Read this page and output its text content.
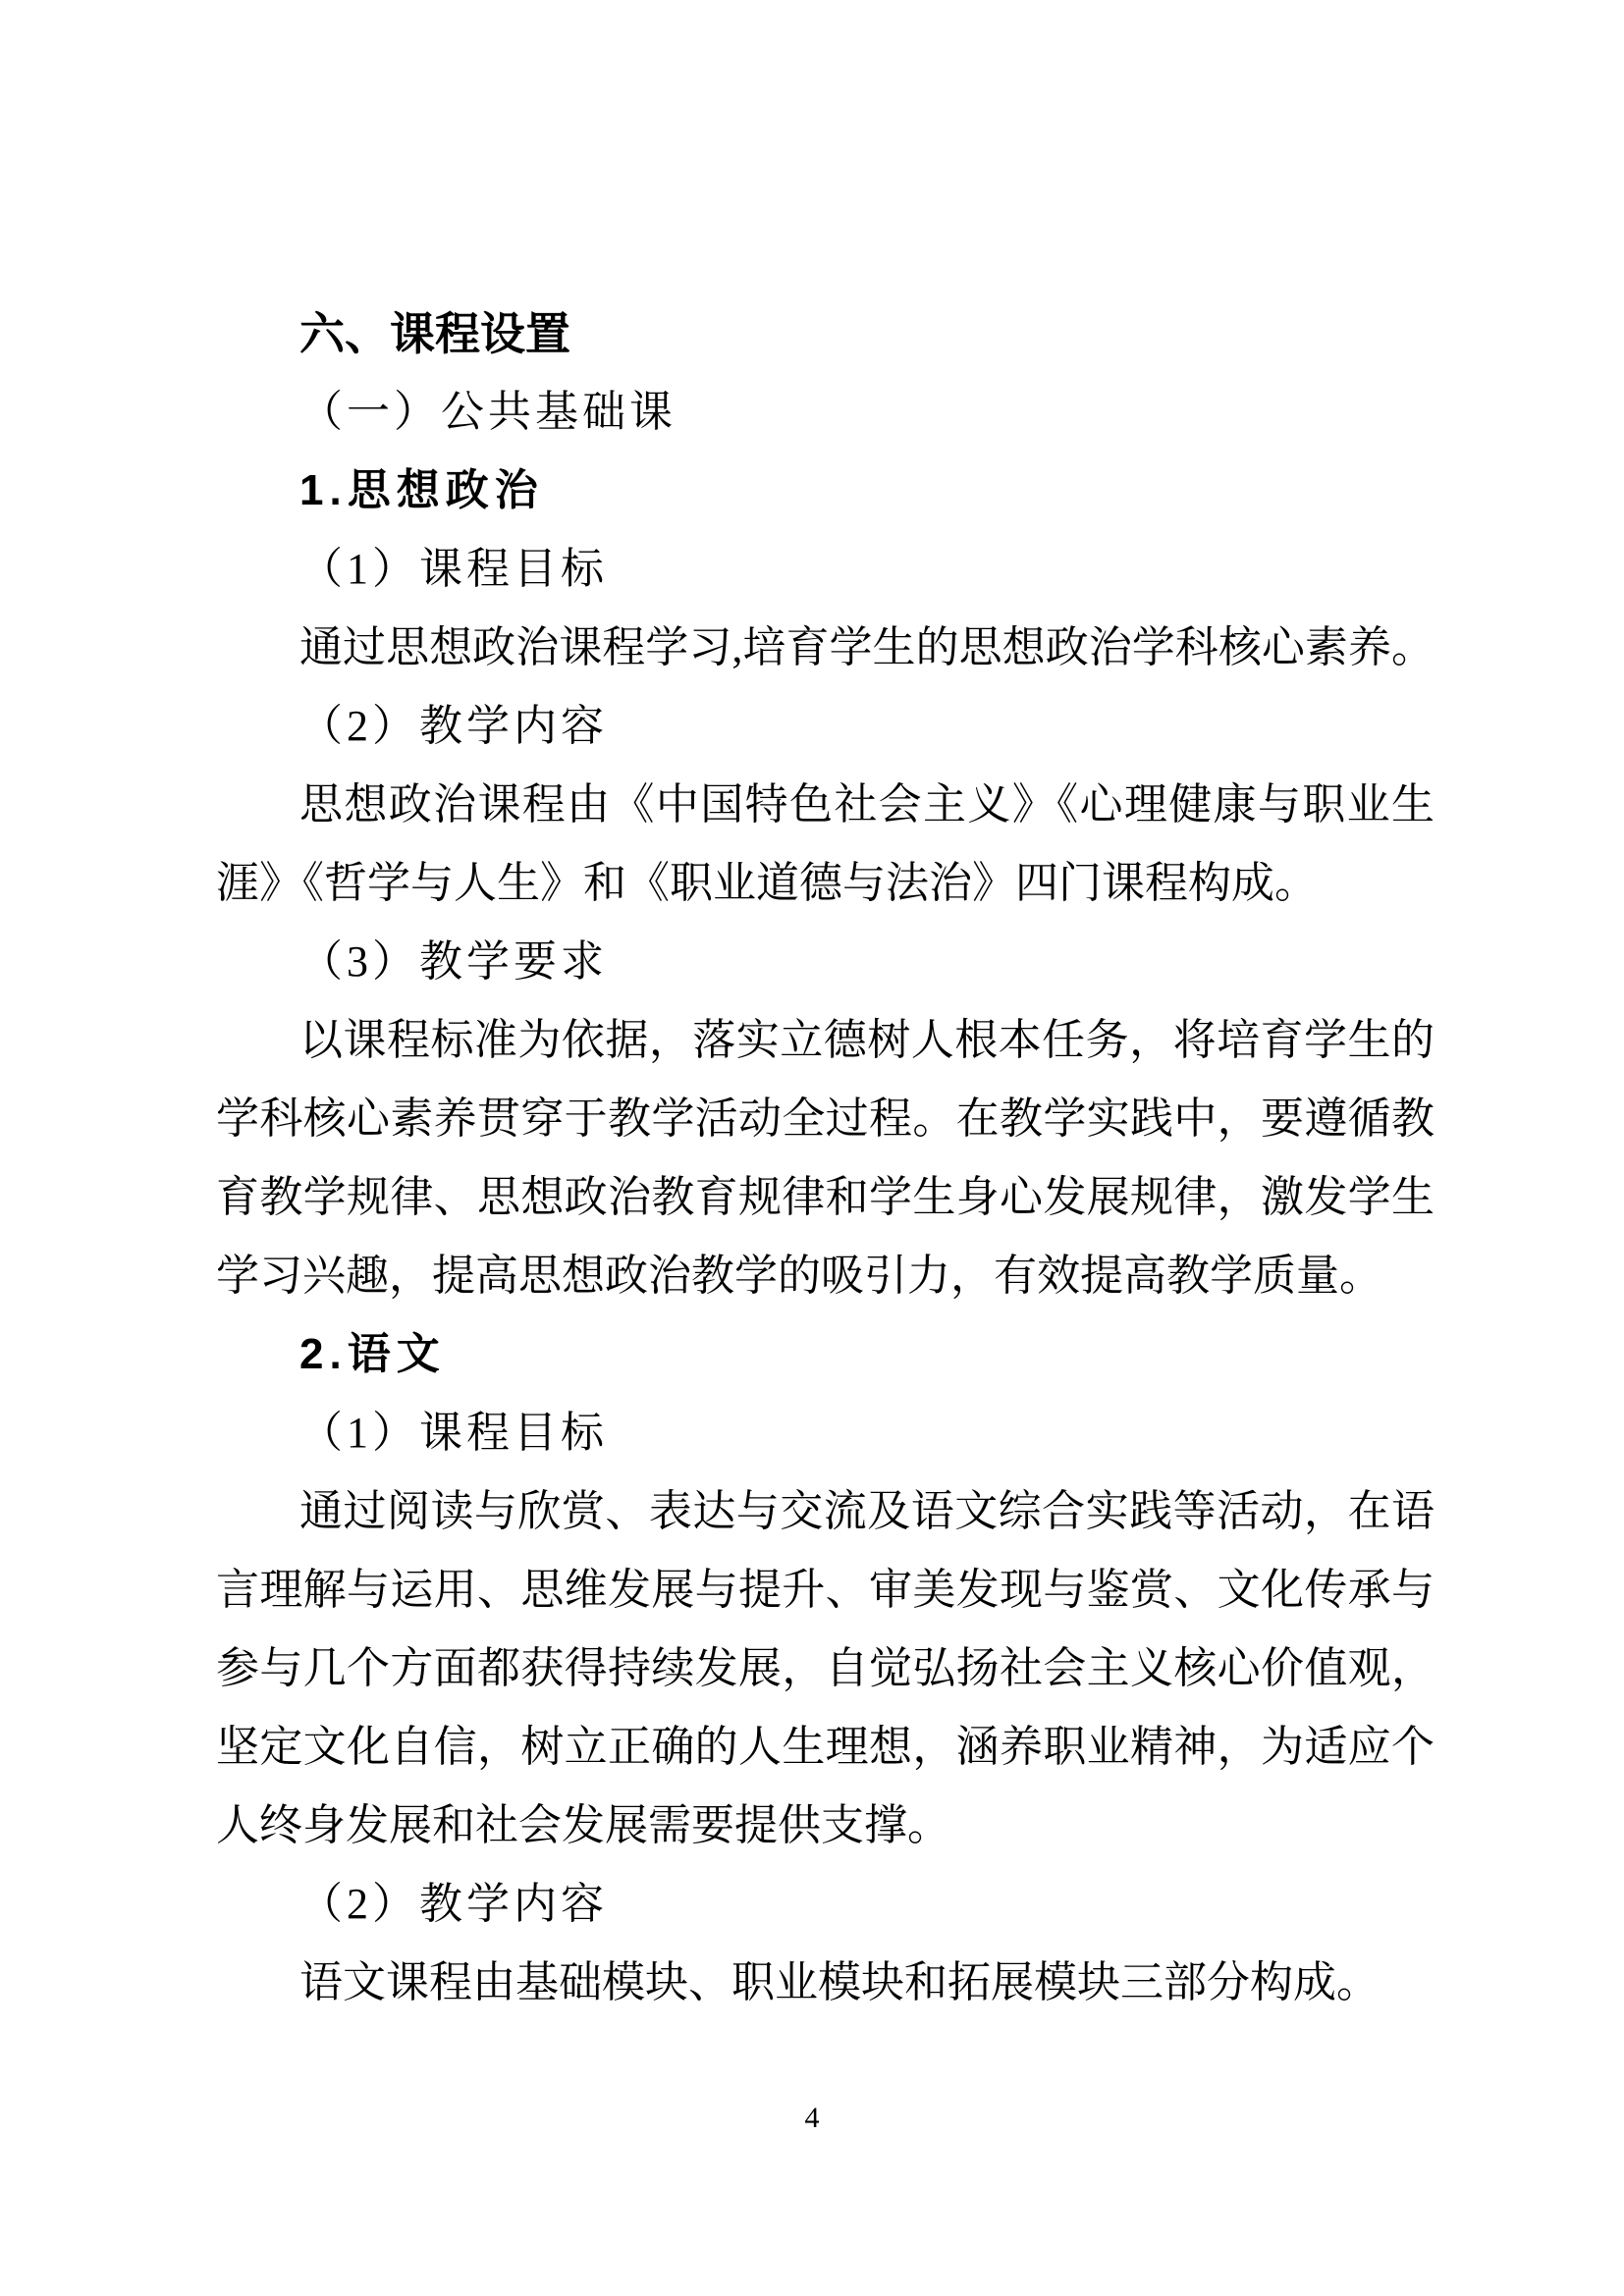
六、课程设置
（一）公共基础课
1.思想政治
（1）课程目标
通过思想政治课程学习,培育学生的思想政治学科核心素养。
（2）教学内容
思想政治课程由《中国特色社会主义》《心理健康与职业生
涯》《哲学与人生》和《职业道德与法治》四门课程构成。
（3）教学要求
以课程标准为依据，落实立德树人根本任务，将培育学生的
学科核心素养贯穿于教学活动全过程。在教学实践中，要遵循教
育教学规律、思想政治教育规律和学生身心发展规律，激发学生
学习兴趣，提高思想政治教学的吸引力，有效提高教学质量。
2.语文
（1）课程目标
通过阅读与欣赏、表达与交流及语文综合实践等活动，在语
言理解与运用、思维发展与提升、审美发现与鉴赏、文化传承与
参与几个方面都获得持续发展，自觉弘扬社会主义核心价值观，
坚定文化自信，树立正确的人生理想，涵养职业精神，为适应个
人终身发展和社会发展需要提供支撑。
（2）教学内容
语文课程由基础模块、职业模块和拓展模块三部分构成。
4
